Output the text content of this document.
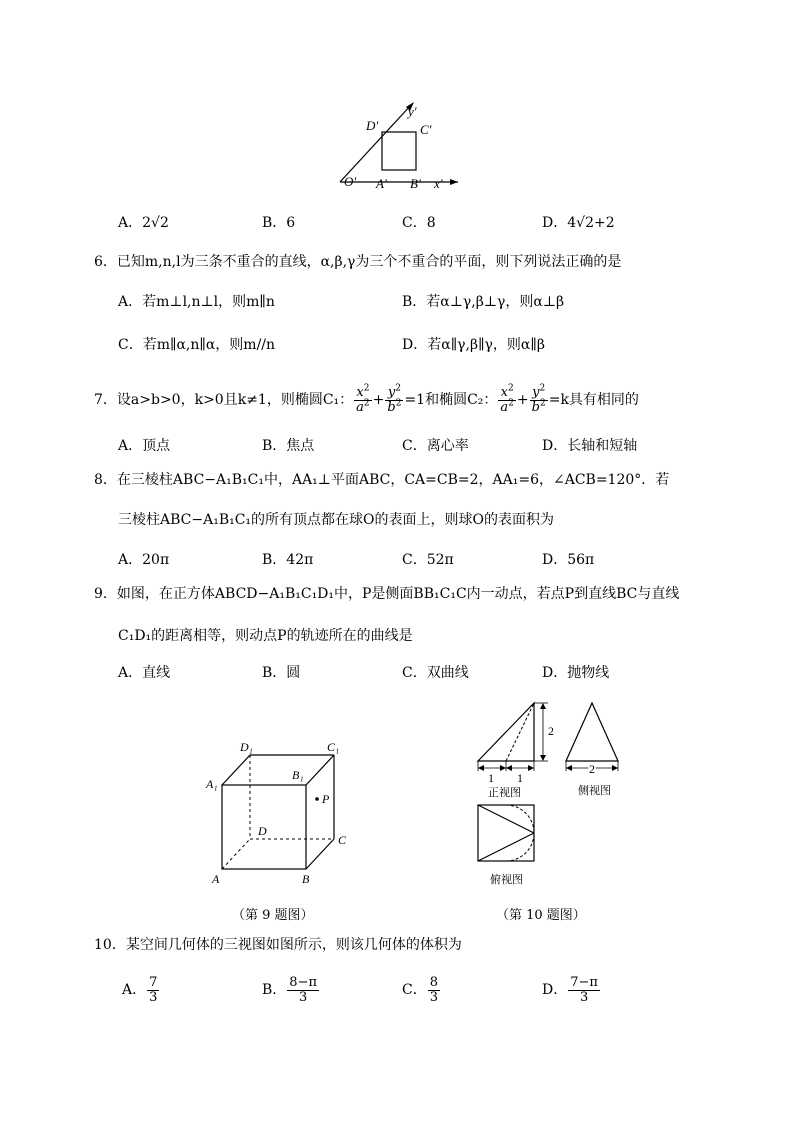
D′	C′
y′
O′ A′ B′ x′
A．2√2	B．6	C．8	D．4√2+2
6．已知m,n,l为三条不重合的直线，α,β,γ为三个不重合的平面，则下列说法正确的是
A．若m⊥l,n⊥l，则m∥n	B．若α⊥γ,β⊥γ，则α⊥β
C．若m∥α,n∥α，则m//n	D．若α∥γ,β∥γ，则α∥β
7．设a>b>0，k>0且k≠1，则椭圆C₁： $\frac{x^2}{a^2} + \frac{y^2}{b^2} =1$和椭圆C₂： $\frac{x^2}{a^2} + \frac{y^2}{b^2} =k$具有相同的
A．顶点	B．焦点	C．离心率	D．长轴和短轴
8．在三棱柱ABC−A₁B₁C₁中，AA₁⊥平面ABC，CA=CB=2，AA₁=6，∠ACB=120°．若
三棱柱ABC−A₁B₁C₁的所有顶点都在球O的表面上，则球O的表面积为
A．20π	B．42π	C．52π	D．56π
9．如图，在正方体ABCD−A₁B₁C₁D₁中，P是侧面BB₁C₁C内一动点，若点P到直线BC与直线
C₁D₁的距离相等，则动点P的轨迹所在的曲线是
A．直线	B．圆	C．双曲线	D．抛物线
D₁	C₁
A₁
B₁
P
D
C
A	B
（第 9 题图）
2
1 1
正视图
2
侧视图
俯视图
（第 10 题图）
10．某空间几何体的三视图如图所示，则该几何体的体积为
A． $\frac{7}{3}$	B． $\frac{8-\pi}{3}$	C． $\frac{8}{3}$	D． $\frac{7-\pi}{3}$
